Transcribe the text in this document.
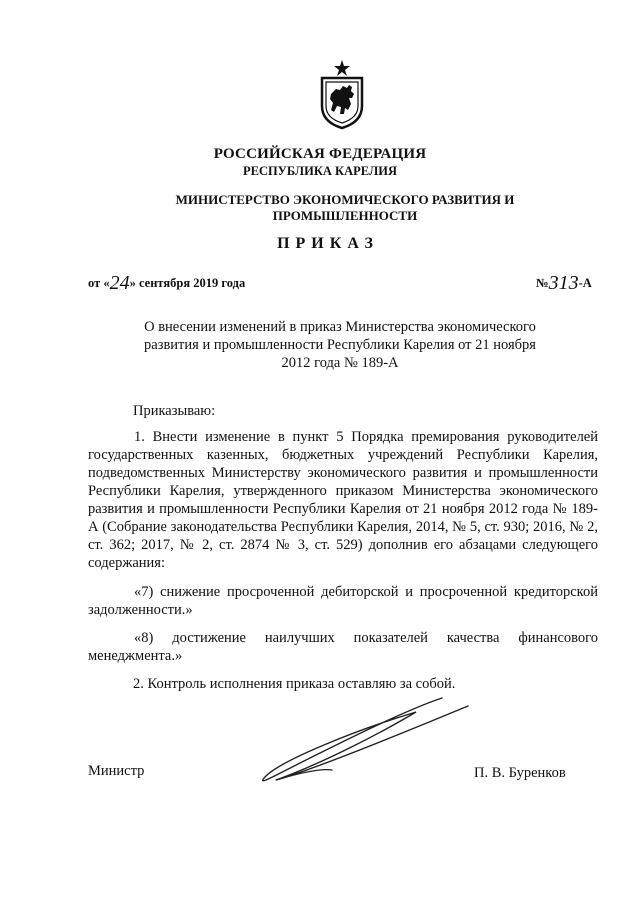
РОССИЙСКАЯ ФЕДЕРАЦИЯ
РЕСПУБЛИКА КАРЕЛИЯ
МИНИСТЕРСТВО ЭКОНОМИЧЕСКОГО РАЗВИТИЯ И ПРОМЫШЛЕННОСТИ
ПРИКАЗ
от «24» сентября 2019 года	№313-А
О внесении изменений в приказ Министерства экономического развития и промышленности Республики Карелия от 21 ноября 2012 года № 189-А
Приказываю:
1. Внести изменение в пункт 5 Порядка премирования руководителей государственных казенных, бюджетных учреждений Республики Карелия, подведомственных Министерству экономического развития и промышленности Республики Карелия, утвержденного приказом Министерства экономического развития и промышленности Республики Карелия от 21 ноября 2012 года № 189-А (Собрание законодательства Республики Карелия, 2014, № 5, ст. 930; 2016, № 2, ст. 362; 2017, № 2, ст. 2874 № 3, ст. 529) дополнив его абзацами следующего содержания:
«7) снижение просроченной дебиторской и просроченной кредиторской задолженности.»
«8) достижение наилучших показателей качества финансового менеджмента.»
2. Контроль исполнения приказа оставляю за собой.
Министр	П. В. Буренков
